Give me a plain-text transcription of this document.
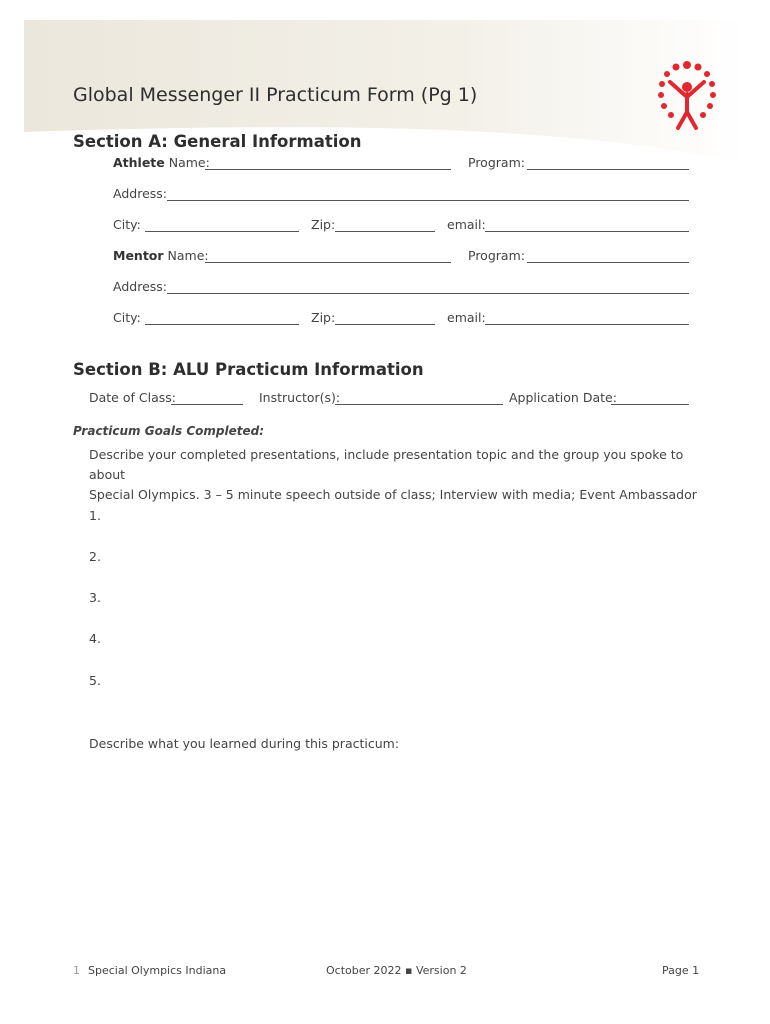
Global Messenger II Practicum Form (Pg 1)
Section A: General Information
Athlete Name:	Program:
Address:
City:	Zip:	email:
Mentor Name:	Program:
Address:
City:	Zip:	email:
Section B: ALU Practicum Information
Date of Class:	Instructor(s):	Application Date:
Practicum Goals Completed:
Describe your completed presentations, include presentation topic and the group you spoke to about
Special Olympics. 3 – 5 minute speech outside of class; Interview with media; Event Ambassador
1.
2.
3.
4.
5.
Describe what you learned during this practicum:
1 Special Olympics Indiana	October 2022 ▪ Version 2	Page 1
